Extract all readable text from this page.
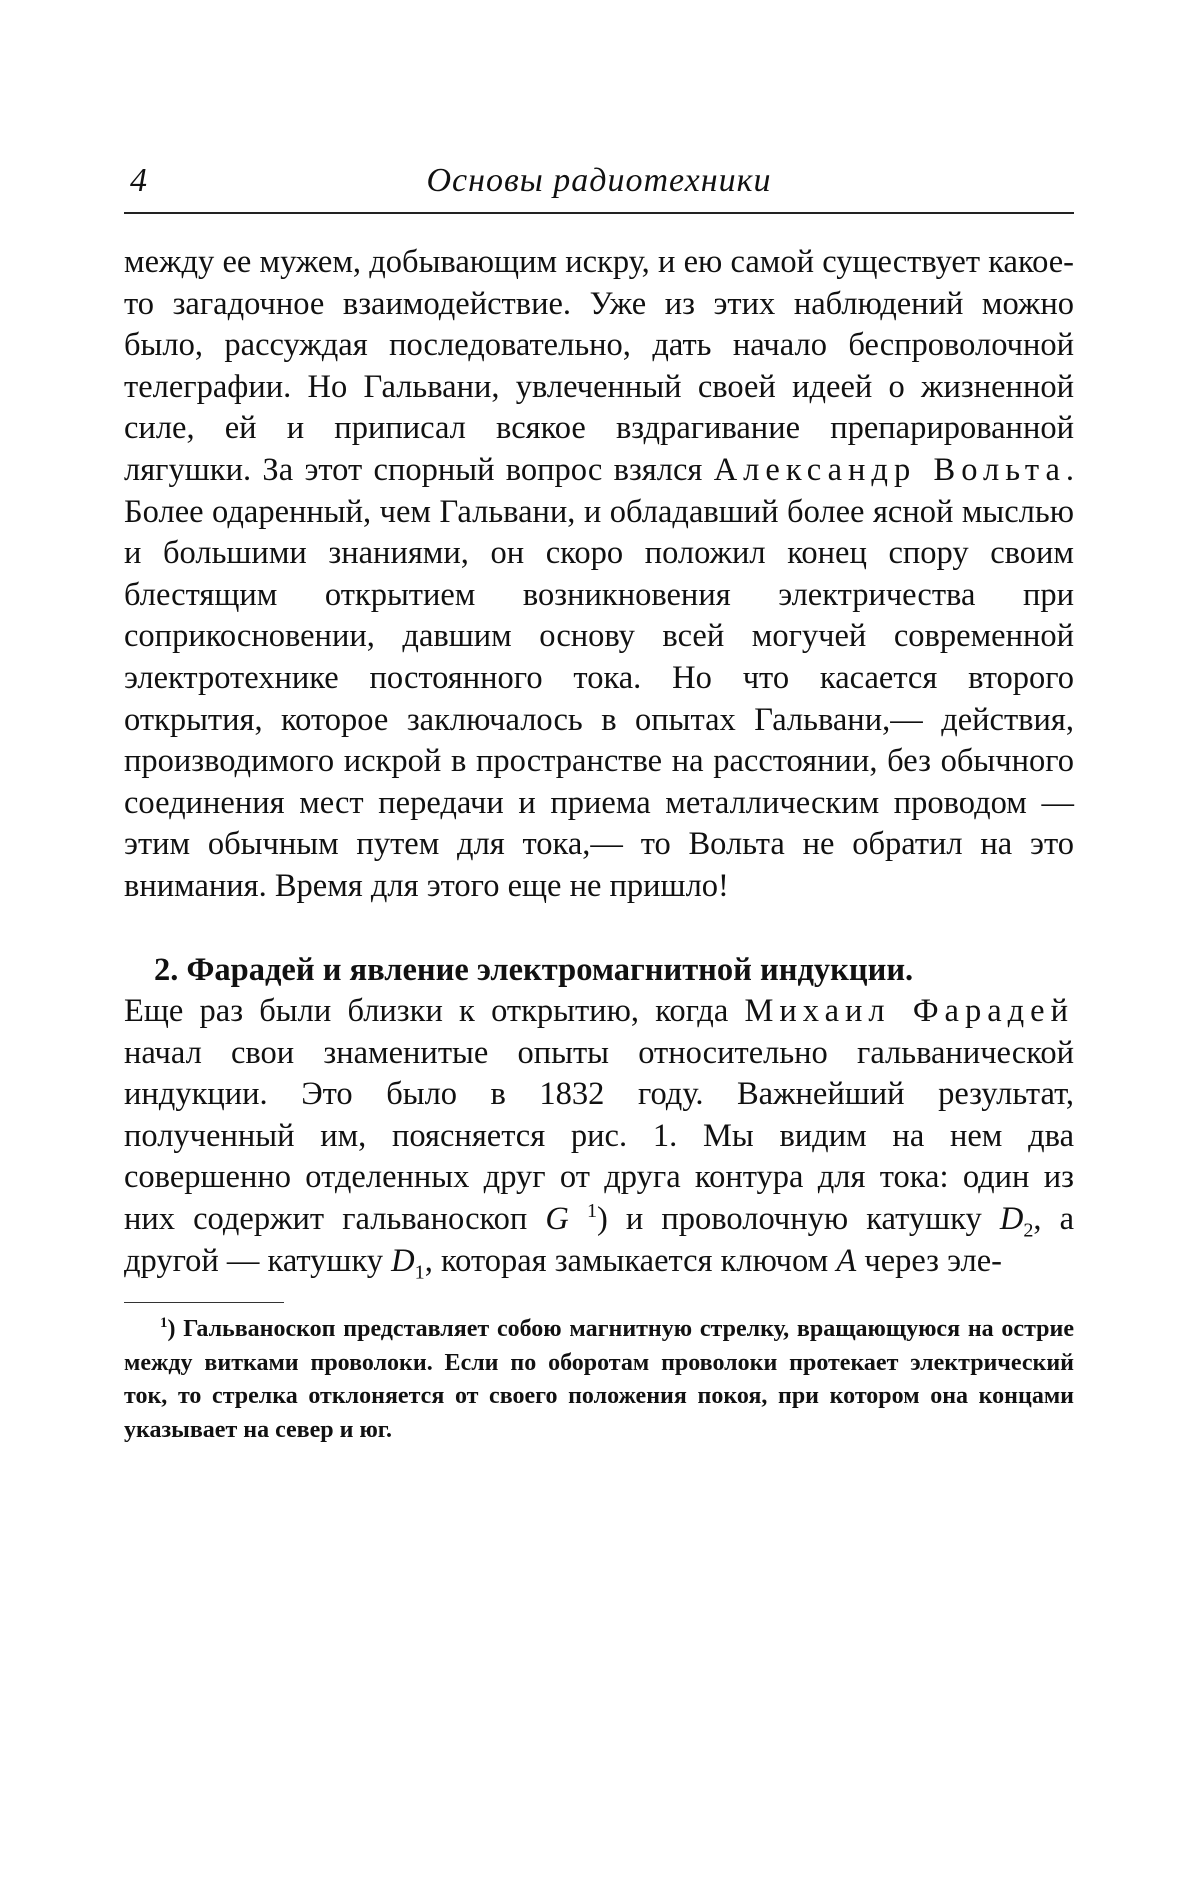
4	Основы радиотехники

между ее мужем, добывающим искру, и ею самой существует какое-то загадочное взаимодействие. Уже из этих наблюдений можно было, рассуждая последовательно, дать начало беспроволочной телеграфии. Но Гальвани, увлеченный своей идеей о жизненной силе, ей и приписал всякое вздрагивание препарированной лягушки. За этот спорный вопрос взялся Александр Вольта. Более одаренный, чем Гальвани, и обладавший более ясной мыслью и большими знаниями, он скоро положил конец спору своим блестящим открытием возникновения электричества при соприкосновении, давшим основу всей могучей современной электротехнике постоянного тока. Но что касается второго открытия, которое заключалось в опытах Гальвани,— действия, производимого искрой в пространстве на расстоянии, без обычного соединения мест передачи и приема металлическим проводом — этим обычным путем для тока,— то Вольта не обратил на это внимания. Время для этого еще не пришло!

2. Фарадей и явление электромагнитной индукции.

Еще раз были близки к открытию, когда Михаил Фарадей начал свои знаменитые опыты относительно гальванической индукции. Это было в 1832 году. Важнейший результат, полученный им, поясняется рис. 1. Мы видим на нем два совершенно отделенных друг от друга контура для тока: один из них содержит гальваноскоп G $^1$) и проволочную катушку $D_2$, а другой — катушку $D_1$, которая замыкается ключом A через эле-

$^1$) Гальваноскоп представляет собою магнитную стрелку, вращающуюся на острие между витками проволоки. Если по оборотам проволоки протекает электрический ток, то стрелка отклоняется от своего положения покоя, при котором она концами указывает на север и юг.
